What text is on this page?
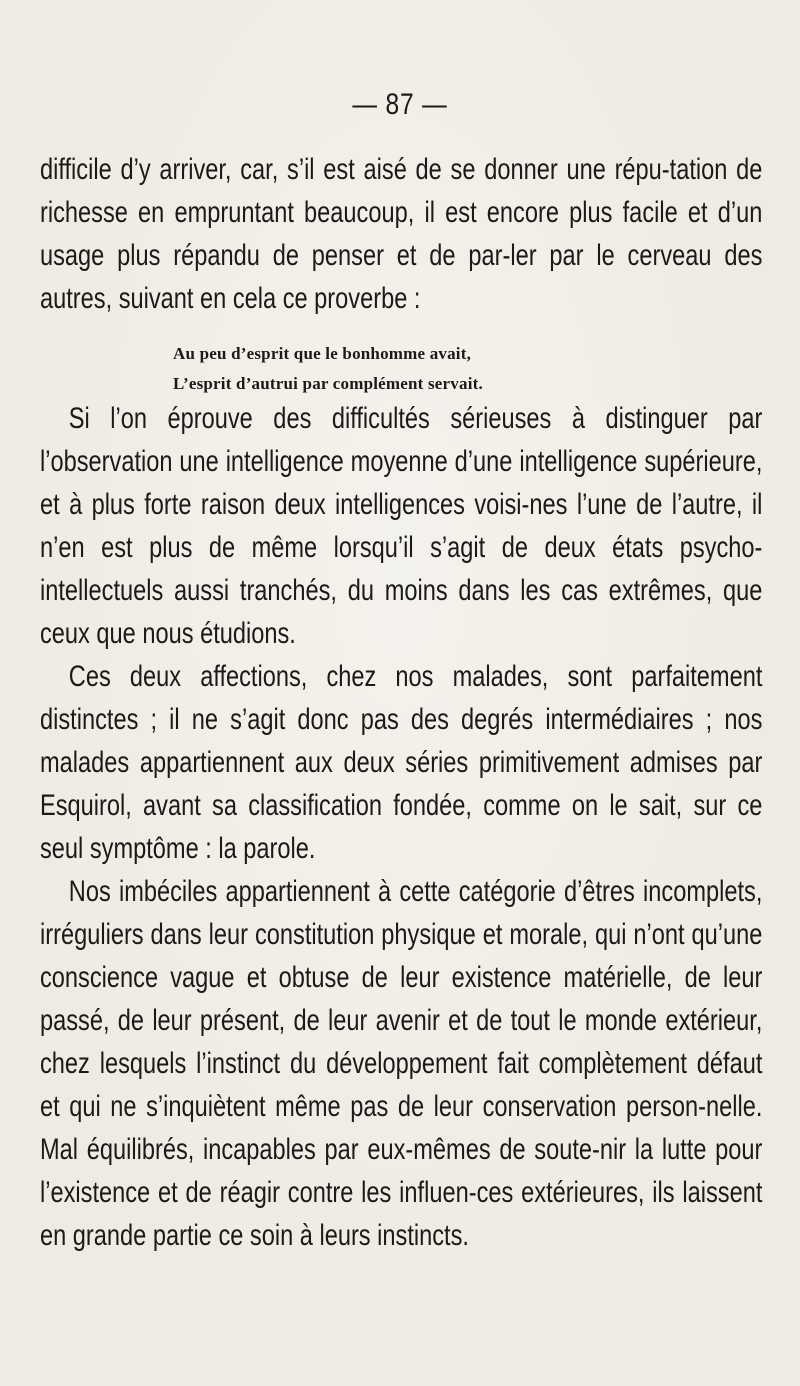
— 87 —

difficile d’y arriver, car, s’il est aisé de se donner une répu-tation de richesse en empruntant beaucoup, il est encore plus facile et d’un usage plus répandu de penser et de par-ler par le cerveau des autres, suivant en cela ce proverbe :

Au peu d’esprit que le bonhomme avait,
L’esprit d’autrui par complément servait.

Si l’on éprouve des difficultés sérieuses à distinguer par l’observation une intelligence moyenne d’une intelligence supérieure, et à plus forte raison deux intelligences voisi-nes l’une de l’autre, il n’en est plus de même lorsqu’il s’agit de deux états psycho-intellectuels aussi tranchés, du moins dans les cas extrêmes, que ceux que nous étudions.

Ces deux affections, chez nos malades, sont parfaitement distinctes ; il ne s’agit donc pas des degrés intermédiaires ; nos malades appartiennent aux deux séries primitivement admises par Esquirol, avant sa classification fondée, comme on le sait, sur ce seul symptôme : la parole.

Nos imbéciles appartiennent à cette catégorie d’êtres incomplets, irréguliers dans leur constitution physique et morale, qui n’ont qu’une conscience vague et obtuse de leur existence matérielle, de leur passé, de leur présent, de leur avenir et de tout le monde extérieur, chez lesquels l’instinct du développement fait complètement défaut et qui ne s’inquiètent même pas de leur conservation person-nelle. Mal équilibrés, incapables par eux-mêmes de soute-nir la lutte pour l’existence et de réagir contre les influen-ces extérieures, ils laissent en grande partie ce soin à leurs instincts.
